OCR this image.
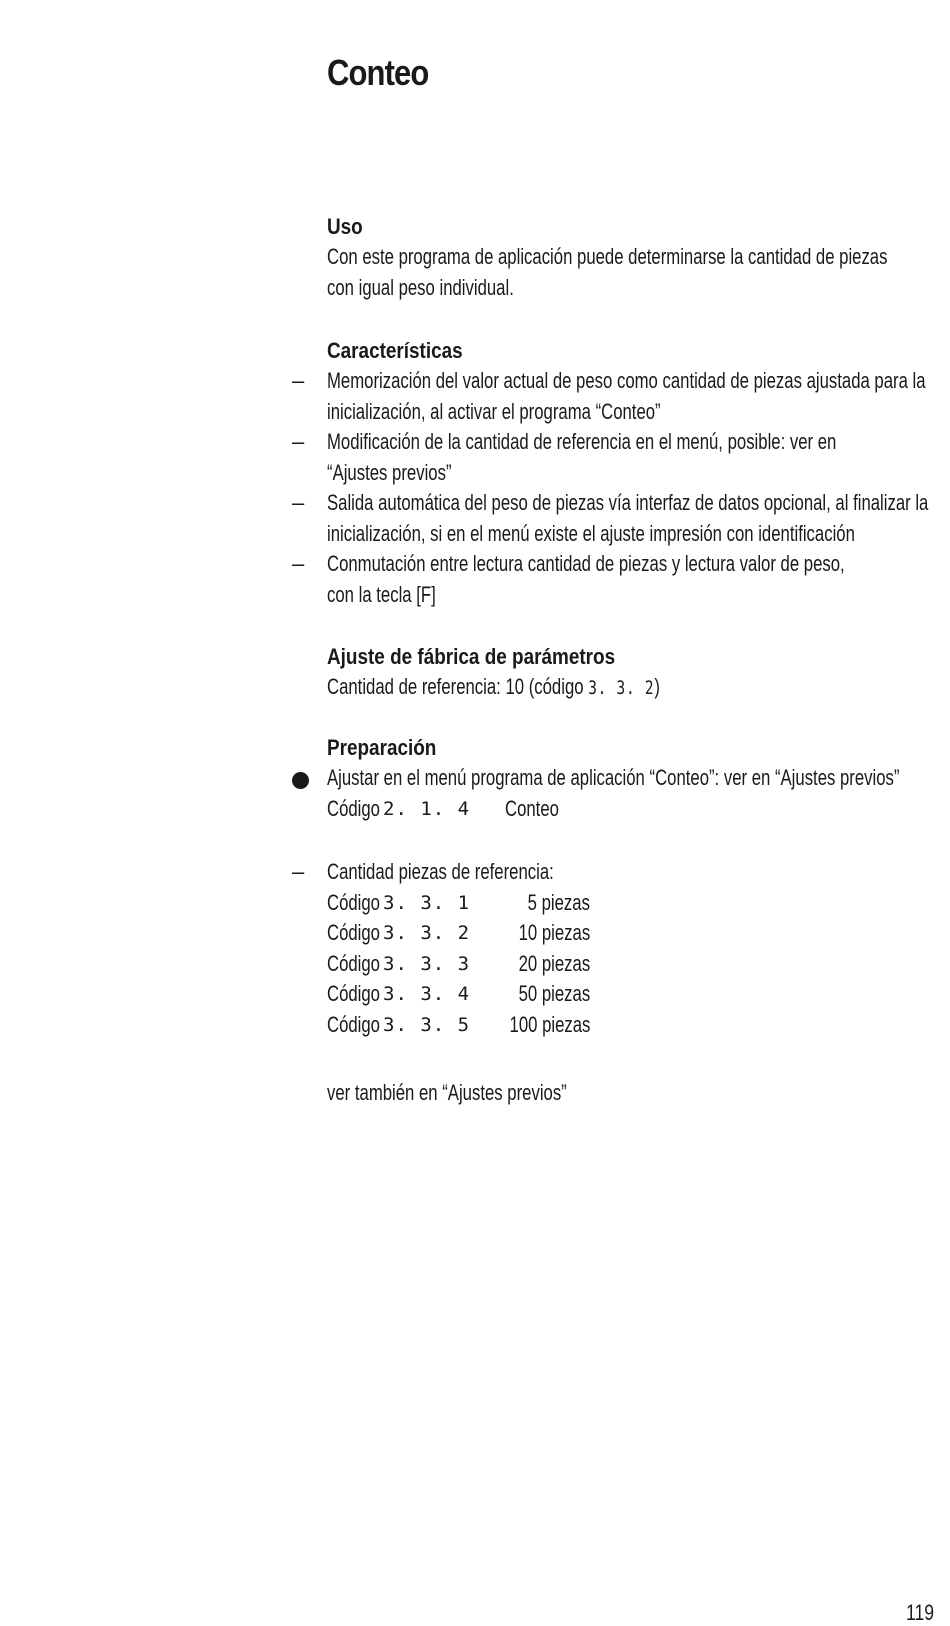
Conteo

Uso

Con este programa de aplicación puede determinarse la cantidad de piezas

con igual peso individual.

Características

– Memorización del valor actual de peso como cantidad de piezas ajustada para la

inicialización, al activar el programa “Conteo”

– Modificación de la cantidad de referencia en el menú, posible: ver en

“Ajustes previos”

– Salida automática del peso de piezas vía interfaz de datos opcional, al finalizar la

inicialización, si en el menú existe el ajuste impresión con identificación

– Conmutación entre lectura cantidad de piezas y lectura valor de peso,

con la tecla [F]

Ajuste de fábrica de parámetros

Cantidad de referencia: 10 (código 3. 3. 2)

Preparación

Ajustar en el menú programa de aplicación “Conteo”: ver en “Ajustes previos”

Código 2. 1. 4 Conteo
– Cantidad piezas de referencia:

Código 3. 3. 1	5 piezas
Código 3. 3. 2 10 piezas
Código 3. 3. 3 20 piezas
Código 3. 3. 4 50 piezas
Código 3. 3. 5 100 piezas

ver también en “Ajustes previos”

119
